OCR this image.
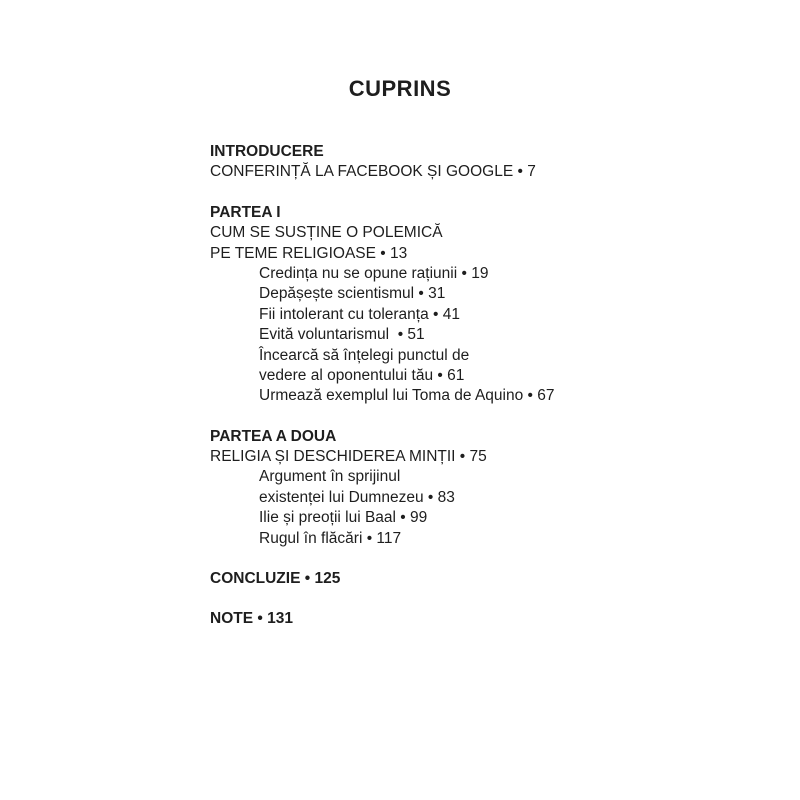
CUPRINS
INTRODUCERE
CONFERINȚĂ LA FACEBOOK ȘI GOOGLE • 7
PARTEA I
CUM SE SUSȚINE O POLEMICĂ
PE TEME RELIGIOASE • 13
Credința nu se opune rațiunii • 19
Depășește scientismul • 31
Fii intolerant cu toleranța • 41
Evită voluntarismul  • 51
Încearcă să înțelegi punctul de
vedere al oponentului tău • 61
Urmează exemplul lui Toma de Aquino • 67
PARTEA A DOUA
RELIGIA ȘI DESCHIDEREA MINȚII • 75
Argument în sprijinul
existenței lui Dumnezeu • 83
Ilie și preoții lui Baal • 99
Rugul în flăcări • 117
CONCLUZIE • 125
NOTE • 131
